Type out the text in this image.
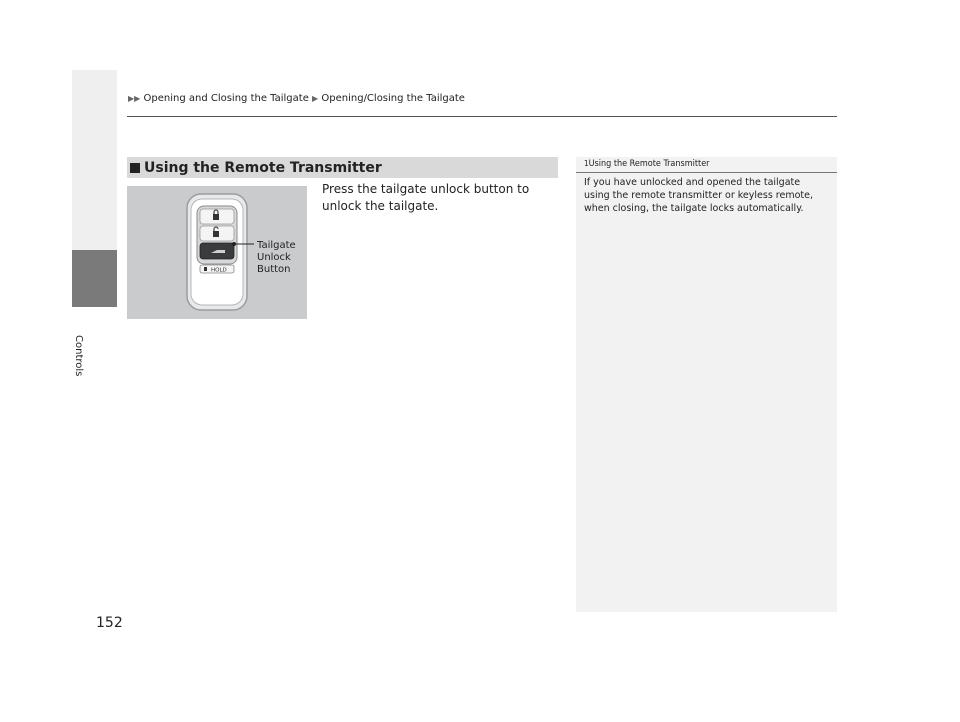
Controls
▶▶ Opening and Closing the Tailgate ▶ Opening/Closing the Tailgate
Using the Remote Transmitter
HOLD
Tailgate
Unlock
Button
Press the tailgate unlock button to unlock the tailgate.
1Using the Remote Transmitter
If you have unlocked and opened the tailgate using the remote transmitter or keyless remote, when closing, the tailgate locks automatically.
152
